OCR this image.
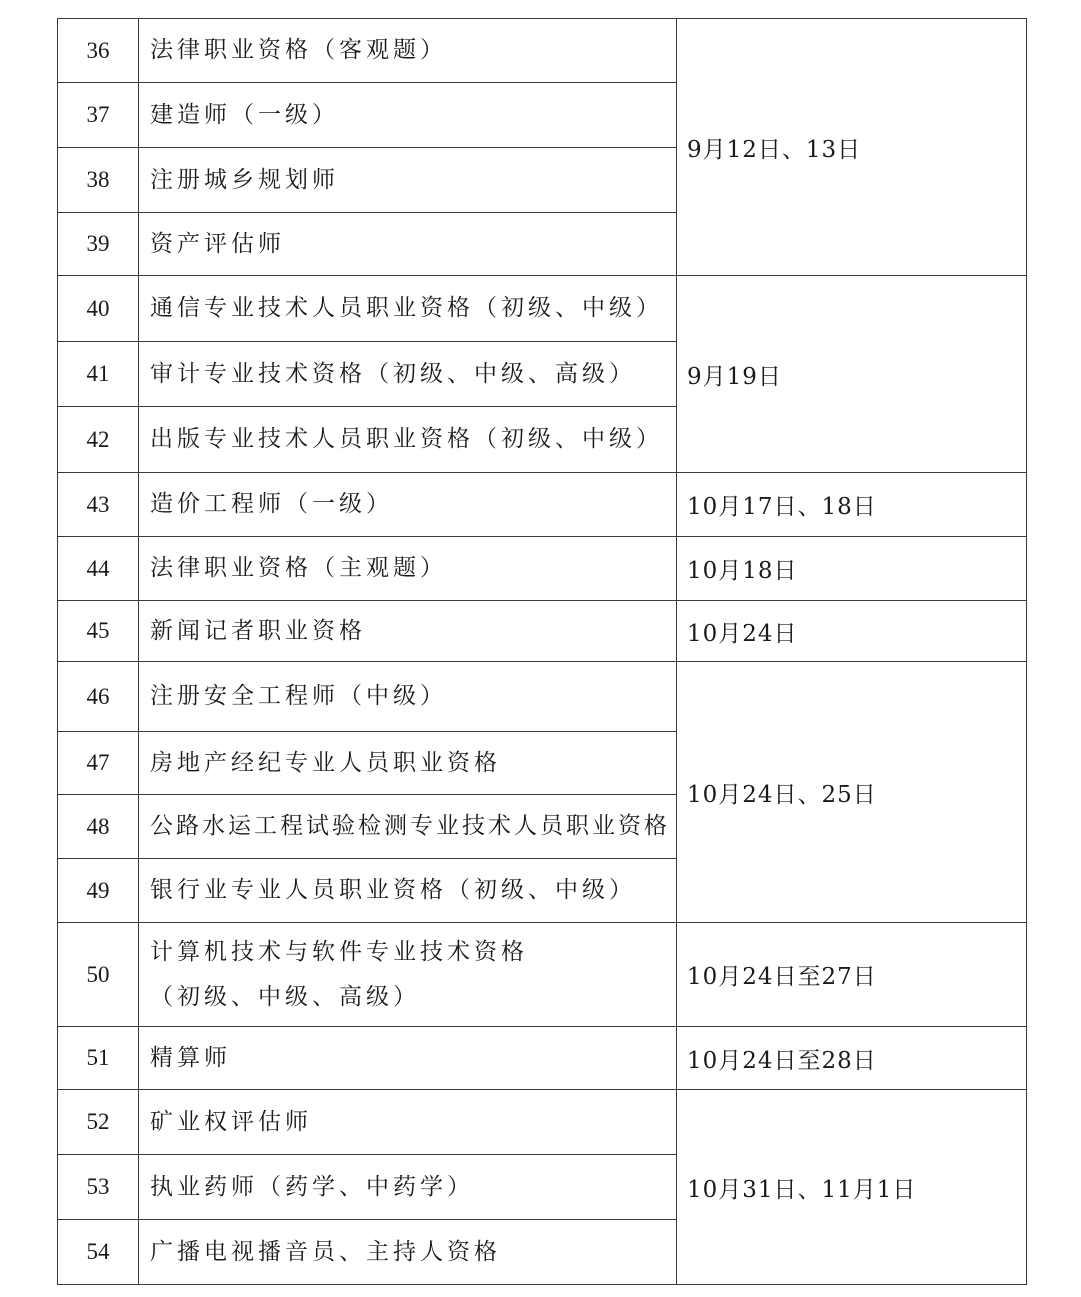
36	法律职业资格（客观题）	9月12日、13日
37	建造师（一级）	
38	注册城乡规划师	
39	资产评估师	
40	通信专业技术人员职业资格（初级、中级）	9月19日
41	审计专业技术资格（初级、中级、高级）	
42	出版专业技术人员职业资格（初级、中级）	
43	造价工程师（一级）	10月17日、18日
44	法律职业资格（主观题）	10月18日
45	新闻记者职业资格	10月24日
46	注册安全工程师（中级）	10月24日、25日
47	房地产经纪专业人员职业资格	
48	公路水运工程试验检测专业技术人员职业资格	
49	银行业专业人员职业资格（初级、中级）	
50	计算机技术与软件专业技术资格
（初级、中级、高级）	10月24日至27日
51	精算师	10月24日至28日
52	矿业权评估师	10月31日、11月1日
53	执业药师（药学、中药学）	
54	广播电视播音员、主持人资格	
